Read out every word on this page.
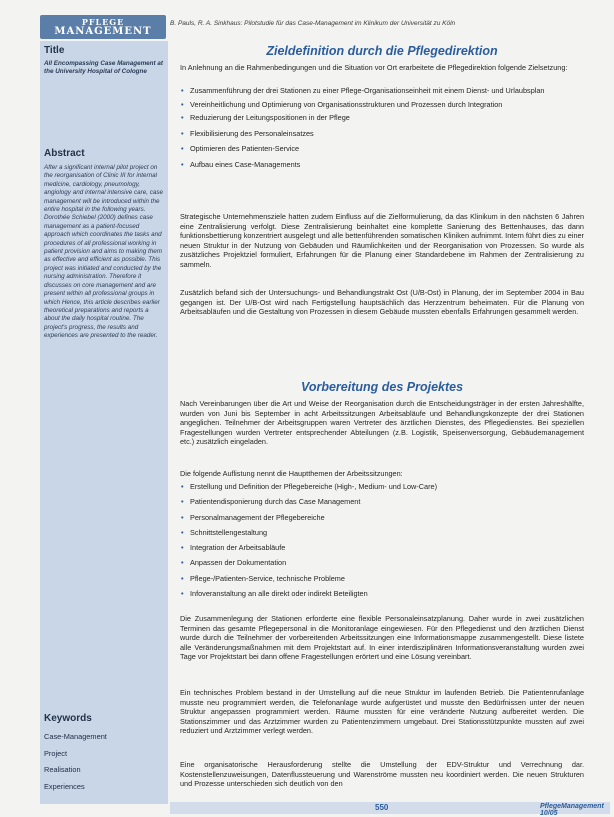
PFLEGE
MANAGEMENT
B. Pauls, R. A. Sinkhaus: Pilotstudie für das Case-Management im Klinikum der Universität zu Köln
Title
All Encompassing Case Management at the University Hospital of Cologne
Abstract
After a significant internal pilot project on the reorganisation of Clinic III for internal medicine, cardiology, pneumology, angiology and internal intensive care, case management will be introduced within the entire hospital in the following years. Dorothée Schiebel (2000) defines case management as a patient-focused approach which coordinates the tasks and procedures of all professional working in patient provision and aims to making them as effective and efficient as possible. This project was initiated and conducted by the nursing administration. Therefore it discusses on core management and are present within all professional groups in which Hence, this article describes earlier theoretical preparations and reports a about the daily hospital routine. The project's progress, the results and experiences are presented to the reader.
Keywords
Case-Management
Project
Realisation
Experiences
Zieldefinition durch die Pflegedirektion

In Anlehnung an die Rahmenbedingungen und die Situation vor Ort erarbeitete die Pflegedirektion folgende Zielsetzung:

• Zusammenführung der drei Stationen zu einer Pflege-Organisationseinheit mit einem Dienst- und Urlaubsplan
• Vereinheitlichung und Optimierung von Organisationsstrukturen und Prozessen durch Integration
• Reduzierung der Leitungspositionen in der Pflege
• Flexibilisierung des Personaleinsatzes
• Optimieren des Patienten-Service
• Aufbau eines Case-Managements

Strategische Unternehmensziele hatten zudem Einfluss auf die Zielformulierung, da das Klinikum in den nächsten 6 Jahren eine Zentralisierung verfolgt. Diese Zentralisierung beinhaltet eine komplette Sanierung des Bettenhauses, das dann funktionsbettierung konzentriert ausgelegt und alle bettenführenden somatischen Kliniken aufnimmt. Intern führt dies zu einer neuen Struktur in der Nutzung von Gebäuden und Räumlichkeiten und der Reorganisation von Prozessen. So wurde als zusätzliches Projektziel formuliert, Erfahrungen für die Planung einer Standardebene im Rahmen der Zentralisierung zu sammeln.

Zusätzlich befand sich der Untersuchungs- und Behandlungstrakt Ost (U/B-Ost) in Planung, der im September 2004 in Bau gegangen ist. Der U/B-Ost wird nach Fertigstellung hauptsächlich das Herzzentrum beheimaten. Für die Planung von Arbeitsabläufen und die Gestaltung von Prozessen in diesem Gebäude mussten ebenfalls Erfahrungen gesammelt werden.

Vorbereitung des Projektes

Nach Vereinbarungen über die Art und Weise der Reorganisation durch die Entscheidungsträger in der ersten Jahreshälfte, wurden von Juni bis September in acht Arbeitssitzungen Arbeitsabläufe und Behandlungskonzepte der drei Stationen angeglichen. Teilnehmer der Arbeitsgruppen waren Vertreter des ärztlichen Dienstes, des Pflegedienstes. Bei speziellen Fragestellungen wurden Vertreter entsprechender Abteilungen (z.B. Logistik, Speisenversorgung, Gebäudemanagement etc.) zusätzlich eingeladen.

Die folgende Auflistung nennt die Hauptthemen der Arbeitssitzungen:

• Erstellung und Definition der Pflegebereiche (High-, Medium- und Low-Care)
• Patientendisponierung durch das Case Management
• Personalmanagement der Pflegebereiche
• Schnittstellengestaltung
• Integration der Arbeitsabläufe
• Anpassen der Dokumentation
• Pflege-/Patienten-Service, technische Probleme
• Infoveranstaltung an alle direkt oder indirekt Beteiligten

Die Zusammenlegung der Stationen erforderte eine flexible Personaleinsatzplanung. Daher wurde in zwei zusätzlichen Terminen das gesamte Pflegepersonal in die Monitoranlage eingewiesen. Für den Pflegedienst und den ärztlichen Dienst wurde durch die Teilnehmer der vorbereitenden Arbeitssitzungen eine Informationsmappe zusammengestellt. Diese listete alle Veränderungsmaßnahmen mit dem Projektstart auf. In einer interdisziplinären Informationsveranstaltung wurden zwei Tage vor Projektstart bei dann offene Fragestellungen erörtert und eine Lösung vereinbart.

Ein technisches Problem bestand in der Umstellung auf die neue Struktur im laufenden Betrieb. Die Patientenrufanlage musste neu programmiert werden, die Telefonanlage wurde aufgerüstet und musste den Bedürfnissen unter der neuen Struktur angepassen programmiert werden. Räume mussten für eine veränderte Nutzung aufbereitet werden. Die Stationszimmer und das Arztzimmer wurden zu Patientenzimmern umgebaut. Drei Stationsstützpunkte mussten auf zwei reduziert und Arztzimmer verlegt werden.

Eine organisatorische Herausforderung stellte die Umstellung der EDV-Struktur und Verrechnung dar. Kostenstellenzuweisungen, Datenflussteuerung und Warenströme mussten neu koordiniert werden. Die neuen Strukturen und Prozesse unterschieden sich deutlich von den

550	PflegeManagement 10/05
